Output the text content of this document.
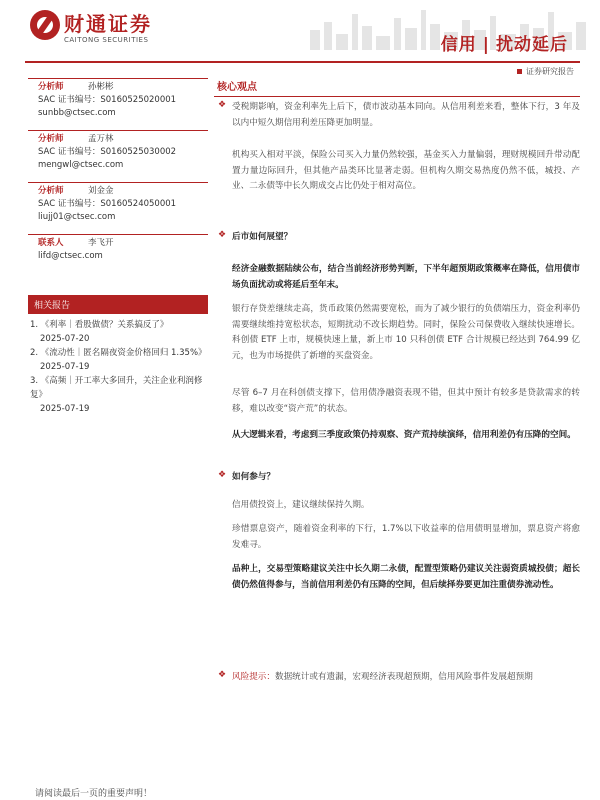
财通证券
CAITONG SECURITIES	信用 | 扰动延后
证券研究报告
分析师	孙彬彬
SAC 证书编号：S0160525020001
sunbb@ctsec.com
分析师	孟万林
SAC 证书编号：S0160525030002
mengwl@ctsec.com
分析师	刘金金
SAC 证书编号：S0160524050001
liujj01@ctsec.com
联系人	李飞开
lifd@ctsec.com
相关报告
1. 《利率｜看股做债？关系搞反了》
2025-07-20
2. 《流动性｜匿名隔夜资金价格回归 1.35%》
2025-07-19
3. 《高频｜开工率大多回升，关注企业利润修复》
2025-07-19
核心观点
❖ 受税期影响，资金利率先上后下，债市波动基本同向。从信用利差来看，整体下行，3 年及以内中短久期信用利差压降更加明显。

机构买入相对平淡，保险公司买入力量仍然较强，基金买入力量偏弱，理财规模回升带动配置力量边际回升，但其他产品类环比显著走弱。但机构久期交易热度仍然不低，城投、产业、二永债等中长久期成交占比仍处于相对高位。

❖ 后市如何展望？

经济金融数据陆续公布，结合当前经济形势判断，下半年超预期政策概率在降低，信用债市场负面扰动或将延后至年末。

银行存贷差继续走高，货币政策仍然需要宽松，而为了减少银行的负债端压力，资金利率仍需要继续维持宽松状态，短期扰动不改长期趋势。同时，保险公司保费收入继续快速增长。科创债 ETF 上市，规模快速上量，新上市 10 只科创债 ETF 合计规模已经达到 764.99 亿元，也为市场提供了新增的买盘资金。

尽管 6–7 月在科创债支撑下，信用债净融资表现不错，但其中预计有较多是贷款需求的转移，难以改变“资产荒”的状态。

从大逻辑来看，考虑到三季度政策仍持观察、资产荒持续演绎，信用利差仍有压降的空间。

❖ 如何参与？

信用债投资上，建议继续保持久期。

珍惜票息资产，随着资金利率的下行，1.7%以下收益率的信用债明显增加，票息资产将愈发难寻。

品种上，交易型策略建议关注中长久期二永债，配置型策略仍建议关注弱资质城投债；超长债仍然值得参与，当前信用利差仍有压降的空间，但后续择券要更加注重债券流动性。

❖ 风险提示：数据统计或有遗漏，宏观经济表现超预期，信用风险事件发展超预期

请阅读最后一页的重要声明！
